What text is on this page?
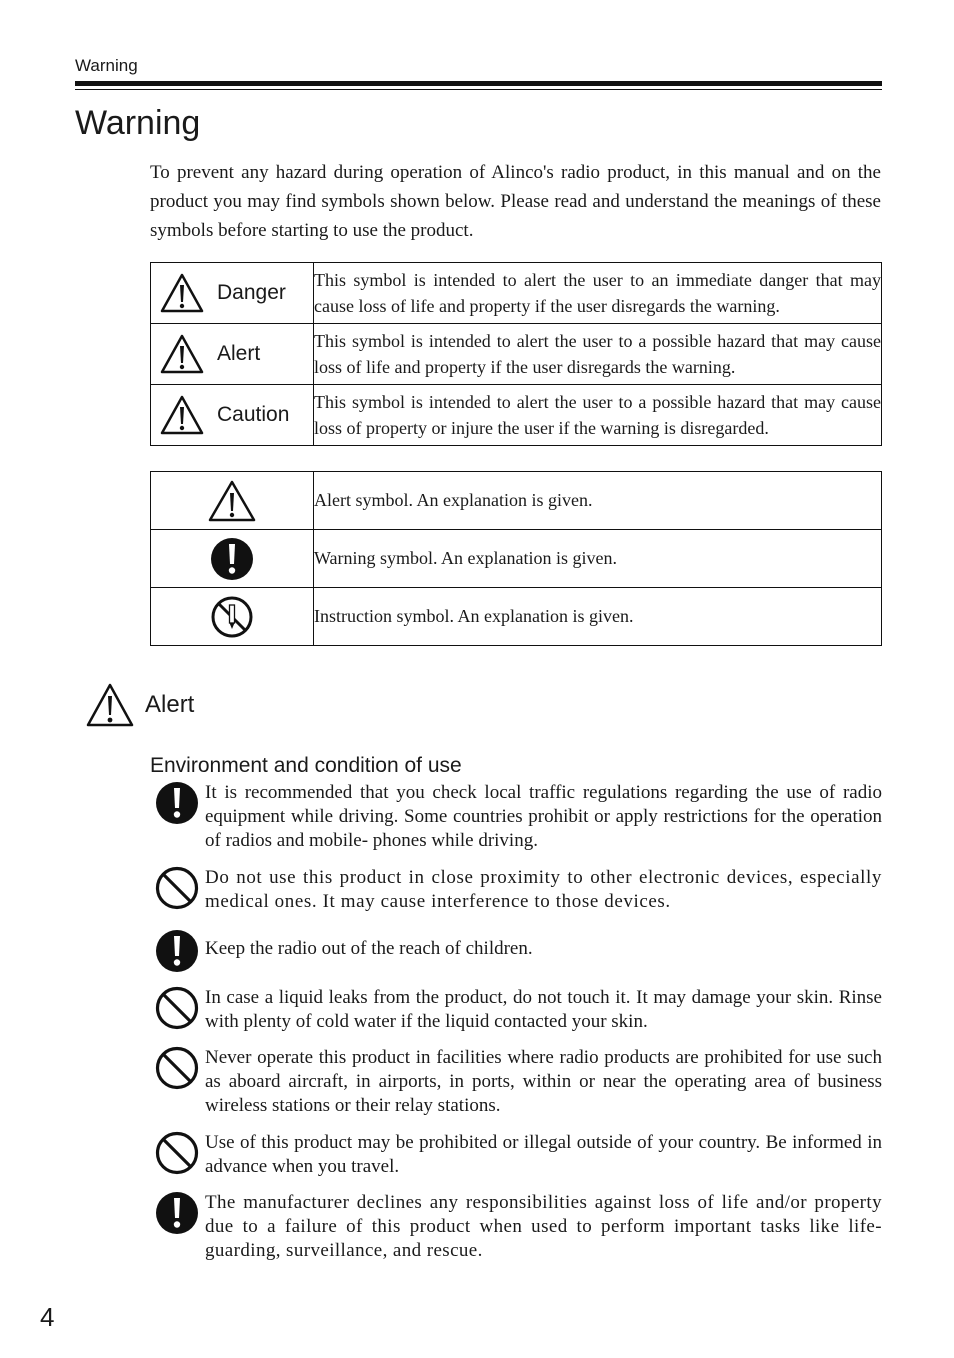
Warning
Warning

To prevent any hazard during operation of Alinco's radio product, in this manual and on the product you may find symbols shown below. Please read and understand the meanings of these symbols before starting to use the product.

Danger	This symbol is intended to alert the user to an immediate danger that may cause loss of life and property if the user disregards the warning.

Alert	This symbol is intended to alert the user to a possible hazard that may cause loss of life and property if the user disregards the warning.

Caution	This symbol is intended to alert the user to a possible hazard that may cause loss of property or injure the user if the warning is disregarded.
	Alert symbol. An explanation is given.

	Warning symbol. An explanation is given.

	Instruction symbol. An explanation is given.
Alert
Environment and condition of use

It is recommended that you check local traffic regulations regarding the use of radio equipment while driving. Some countries prohibit or apply restrictions for the operation of radios and mobile- phones while driving.

Do not use this product in close proximity to other electronic devices, especially medical ones. It may cause interference to those devices.

Keep the radio out of the reach of children.

In case a liquid leaks from the product, do not touch it. It may damage your skin. Rinse with plenty of cold water if the liquid contacted your skin.

Never operate this product in facilities where radio products are prohibited for use such as aboard aircraft, in airports, in ports, within or near the operating area of business wireless stations or their relay stations.

Use of this product may be prohibited or illegal outside of your country. Be informed in advance when you travel.

The manufacturer declines any responsibilities against loss of life and/or property due to a failure of this product when used to perform important tasks like life-guarding, surveillance, and rescue.

4
